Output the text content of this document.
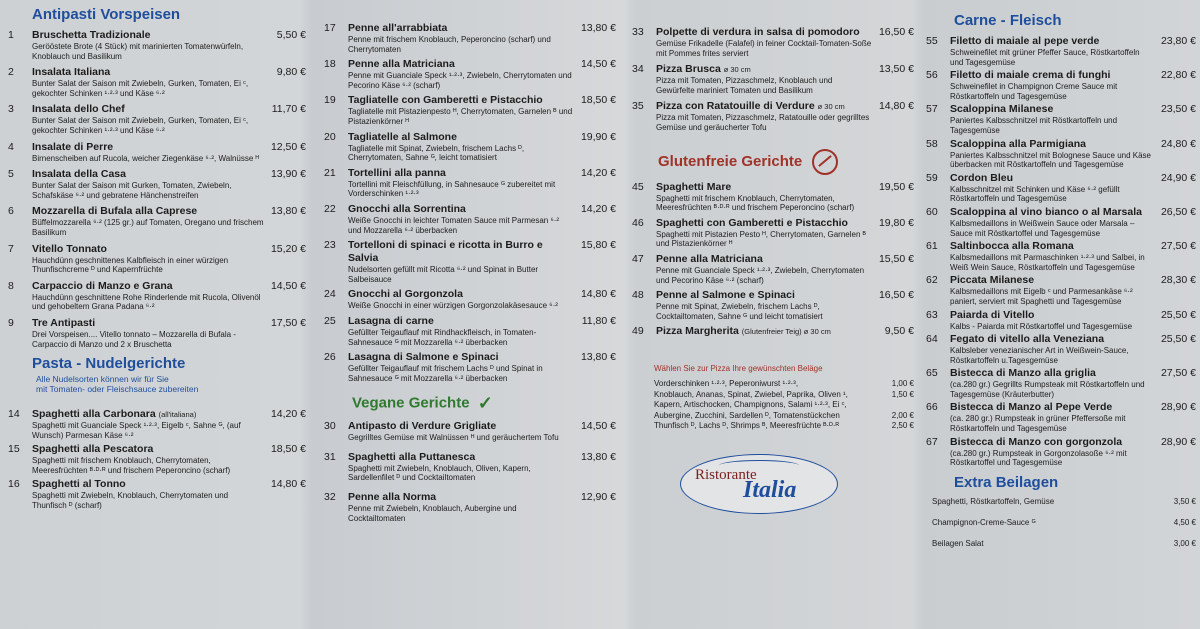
Antipasti Vorspeisen
1	Bruschetta Tradizionale
Gerööstete Brote (4 Stück) mit marinierten Tomatenwürfeln, Knoblauch und Basilikum
5,50 €
2	Insalata Italiana
Bunter Salat der Saison mit Zwiebeln, Gurken, Tomaten, Ei ᶜ, gekochter Schinken ¹·²·³ und Käse ⁶·²
9,80 €
3	Insalata dello Chef
Bunter Salat der Saison mit Zwiebeln, Gurken, Tomaten, Ei ᶜ, gekochter Schinken ¹·²·³ und Käse ⁶·²
11,70 €
4	Insalate di Perre
Birnenscheiben auf Rucola, weicher Ziegenkäse ⁶·², Walnüsse ᴴ
12,50 €
5	Insalata della Casa
Bunter Salat der Saison mit Gurken, Tomaten, Zwiebeln, Schafskäse ⁶·² und gebratene Hänchenstreifen
13,90 €
6	Mozzarella di Bufala alla Caprese
Büffelmozzarella ⁶·² (125 gr.) auf Tomaten, Oregano und frischem Basilikum
13,80 €
7	Vitello Tonnato
Hauchdünn geschnittenes Kalbfleisch in einer würzigen Thunfischcreme ᴰ und Kapernfrüchte
15,20 €
8	Carpaccio di Manzo e Grana
Hauchdünn geschnittene Rohe Rinderlende mit Rucola, Olivenöl und gehobeltem Grana Padana ⁶·²
14,50 €
9	Tre Antipasti
Drei Vorspeisen.... Vitello tonnato – Mozzarella di Bufala - Carpaccio di Manzo und 2 x Bruschetta
17,50 €
Pasta - Nudelgerichte
Alle Nudelsorten können wir für Sie
mit Tomaten- oder Fleischsauce zubereiten
14	Spaghetti alla Carbonara (all'italiana)
Spaghetti mit Guanciale Speck ¹·²·³, Eigelb ᶜ, Sahne ᴳ, (auf Wunsch) Parmesan Käse ⁶·²
14,20 €
15	Spaghetti alla Pescatora
Spaghetti mit frischem Knoblauch, Cherrytomaten, Meeresfrüchten ᴮ·ᴰ·ᴿ und frischem Peperoncino (scharf)
18,50 €
16	Spaghetti al Tonno
Spaghetti mit Zwiebeln, Knoblauch, Cherrytomaten und Thunfisch ᴰ (scharf)
14,80 €
17	Penne all'arrabbiata
Penne mit frischem Knoblauch, Peperoncino (scharf) und Cherrytomaten
13,80 €
18	Penne alla Matriciana
Penne mit Guanciale Speck ¹·²·³, Zwiebeln, Cherrytomaten und Pecorino Käse ⁶·² (scharf)
14,50 €
19	Tagliatelle con Gamberetti e Pistacchio
Tagliatelle mit Pistazienpesto ᴴ, Cherrytomaten, Garnelen ᴮ und Pistazienkörner ᴴ
18,50 €
20	Tagliatelle al Salmone
Tagliatelle mit Spinat, Zwiebeln, frischem Lachs ᴰ, Cherrytomaten, Sahne ᴳ, leicht tomatisiert
19,90 €
21	Tortellini alla panna
Tortellini mit Fleischfüllung, in Sahnesauce ᴳ zubereitet mit Vorderschinken ¹·²·³
14,20 €
22	Gnocchi alla Sorrentina
Weiße Gnocchi in leichter Tomaten Sauce mit Parmesan ⁶·² und Mozzarella ⁶·² überbacken
14,20 €
23	Tortelloni di spinaci e ricotta in Burro e Salvia
Nudelsorten gefüllt mit Ricotta ⁶·² und Spinat in Butter Salbeisauce
15,80 €
24	Gnocchi al Gorgonzola
Weiße Gnocchi in einer würzigen Gorgonzolakäsesauce ⁶·²
14,80 €
25	Lasagna di carne
Gefüllter Teigauflauf mit Rindhackfleisch, in Tomaten-Sahnesauce ᴳ mit Mozzarella ⁶·² überbacken
11,80 €
26	Lasagna di Salmone e Spinaci
Gefüllter Teigauflauf mit frischem Lachs ᴰ und Spinat in Sahnesauce ᴳ mit Mozzarella ⁶·² überbacken
13,80 €
Vegane Gerichte ✓
30	Antipasto di Verdure Grigliate
Gegrilltes Gemüse mit Walnüssen ᴴ und geräuchertem Tofu
14,50 €
31	Spaghetti alla Puttanesca
Spaghetti mit Zwiebeln, Knoblauch, Oliven, Kapern, Sardellenfilet ᴰ und Cocktailtomaten
13,80 €
32	Penne alla Norma
Penne mit Zwiebeln, Knoblauch, Aubergine und Cocktailtomaten
12,90 €
33	Polpette di verdura in salsa di pomodoro
Gemüse Frikadelle (Falafel) in feiner Cocktail-Tomaten-Soße mit Pommes frites serviert
16,50 €
34	Pizza Brusca ø 30 cm
Pizza mit Tomaten, Pizzaschmelz, Knoblauch und Gewürfelte mariniert Tomaten und Basilikum
13,50 €
35	Pizza con Ratatouille di Verdure ø 30 cm
Pizza mit Tomaten, Pizzaschmelz, Ratatouille oder gegrilltes Gemüse und geräucherter Tofu
14,80 €
Glutenfreie Gerichte
45	Spaghetti Mare
Spaghetti mit frischem Knoblauch, Cherrytomaten, Meeresfrüchten ᴮ·ᴰ·ᴿ und frischem Peperoncino (scharf)
19,50 €
46	Spaghetti con Gamberetti e Pistacchio
Spaghetti mit Pistazien Pesto ᴴ, Cherrytomaten, Garnelen ᴮ und Pistazienkörner ᴴ
19,80 €
47	Penne alla Matriciana
Penne mit Guanciale Speck ¹·²·³, Zwiebeln, Cherrytomaten und Pecorino Käse ⁶·² (scharf)
15,50 €
48	Penne al Salmone e Spinaci
Penne mit Spinat, Zwiebeln, frischem Lachs ᴰ, Cocktailtomaten, Sahne ᴳ und leicht tomatisiert
16,50 €
49	Pizza Margherita (Glutenfreier Teig) ø 30 cm	9,50 €
Wählen Sie zur Pizza Ihre gewünschten Beläge
Vorderschinken ¹·²·³, Peperoniwurst ¹·²·³,	1,00 €
Knoblauch, Ananas, Spinat, Zwiebel, Paprika, Oliven ¹,	1,50 €
Kapern, Artischocken, Champignons, Salami ¹·²·³, Ei ᶜ,
Aubergine, Zucchini, Sardellen ᴰ, Tomatenstückchen	2,00 €
Thunfisch ᴰ, Lachs ᴰ, Shrimps ᴮ, Meeresfrüchte ᴮ·ᴰ·ᴿ	2,50 €
Ristorante
Italia
Carne - Fleisch
55	Filetto di maiale al pepe verde
Schweinefilet mit grüner Pfeffer Sauce, Röstkartoffeln und Tagesgemüse
23,80 €
56	Filetto di maiale crema di funghi
Schweinefilet in Champignon Creme Sauce mit Röstkartoffeln und Tagesgemüse
22,80 €
57	Scaloppina Milanese
Paniertes Kalbsschnitzel mit Röstkartoffeln und Tagesgemüse
23,50 €
58	Scaloppina alla Parmigiana
Paniertes Kalbsschnitzel mit Bolognese Sauce und Käse überbacken mit Röstkartoffeln und Tagesgemüse
24,80 €
59	Cordon Bleu
Kalbsschnitzel mit Schinken und Käse ⁶·² gefüllt Röstkartoffeln und Tagesgemüse
24,90 €
60	Scaloppina al vino bianco o al Marsala
Kalbsmedaillons in Weißwein Sauce oder Marsala – Sauce mit Röstkartoffel und Tagesgemüse
26,50 €
61	Saltinbocca alla Romana
Kalbsmedaillons mit Parmaschinken ¹·²·³ und Salbei, in Weiß Wein Sauce, Röstkartoffeln und Tagesgemüse
27,50 €
62	Piccata Milanese
Kalbsmedaillons mit Eigelb ᶜ und Parmesankäse ⁶·² paniert, serviert mit Spaghetti und Tagesgemüse
28,30 €
63	Paiarda di Vitello
Kalbs - Paiarda mit Röstkartoffel und Tagesgemüse
25,50 €
64	Fegato di vitello alla Veneziana
Kalbsleber venezianischer Art in Weißwein-Sauce, Röstkartoffeln u.Tagesgemüse
25,50 €
65	Bistecca di Manzo alla griglia
(ca.280 gr.) Gegrillts Rumpsteak mit Röstkartoffeln und Tagesgemüse (Kräuterbutter)
27,50 €
66	Bistecca di Manzo al Pepe Verde
(ca. 280 gr.) Rumpsteak in grüner Pfeffersoße mit Röstkartoffeln und Tagesgemüse
28,90 €
67	Bistecca di Manzo con gorgonzola
(ca.280 gr.) Rumpsteak in Gorgonzolasoße ⁶·² mit Röstkartoffel und Tagesgemüse
28,90 €
Extra Beilagen
Spaghetti, Röstkartoffeln, Gemüse	3,50 €
Champignon-Creme-Sauce ᴳ	4,50 €
Beilagen Salat	3,00 €
